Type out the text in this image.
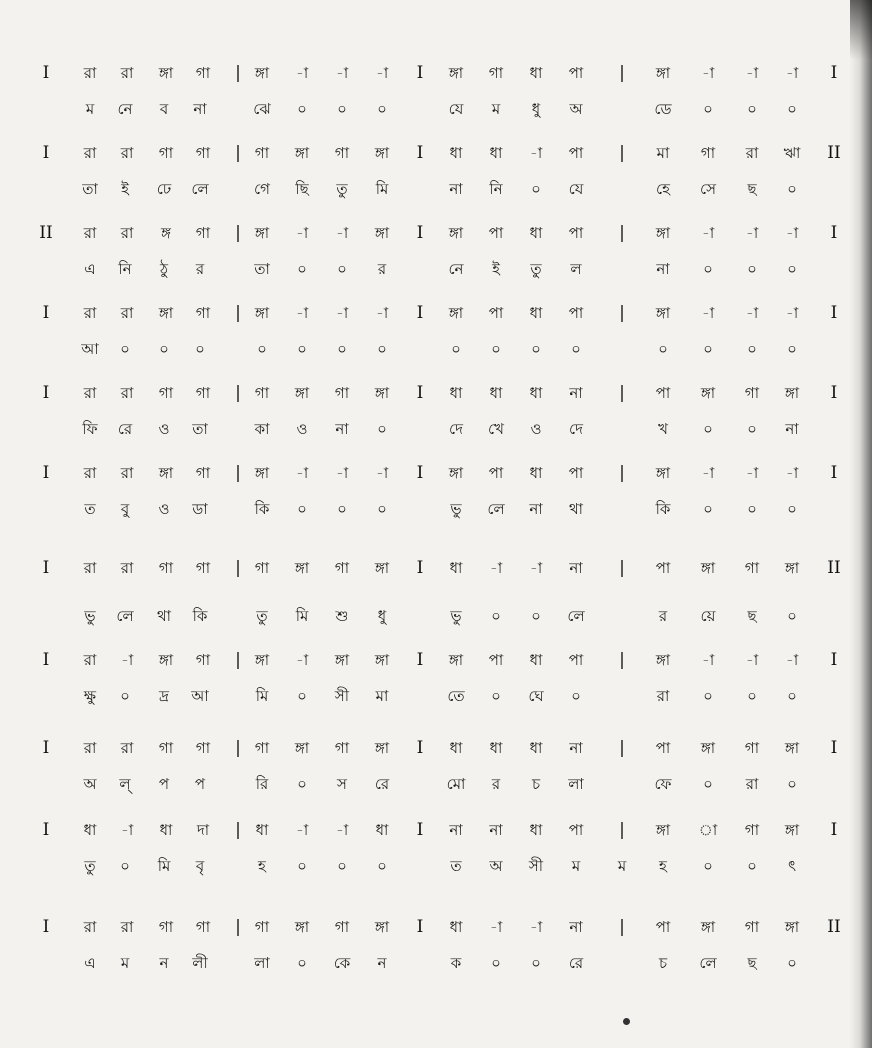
I রা রা ঙ্গা গা | ঙ্গা -া -া -া I ঙ্গা গা ধা পা | ঙ্গা -া -া -া I
ম নে ব না	ঝে ০ ০ ০	যে ম ধু অ	ডে ০ ০ ০
I রা রা গা গা | গা ঙ্গা গা ঙ্গা I ধা ধা -া পা | মা গা রা ঋা II
তা ই ঢে লে	গে ছি তু মি	না নি ০ যে	হে সে ছ ০
II রা রা ঙ্গ গা | ঙ্গা -া -া ঙ্গা I ঙ্গা পা ধা পা | ঙ্গা -া -া -া I
এ নি ঠু র	তা ০ ০ র	নে ই তু ল	না ০ ০ ০
I রা রা ঙ্গা গা | ঙ্গা -া -া -া I ঙ্গা পা ধা পা | ঙ্গা -া -া -া I
আ ০ ০ ০	০ ০ ০ ০	০ ০ ০ ০	০ ০ ০ ০
I রা রা গা গা | গা ঙ্গা গা ঙ্গা I ধা ধা ধা না | পা ঙ্গা গা ঙ্গা I
ফি রে ও তা	কা ও না ০	দে খে ও দে	খ ০ ০ না
I রা রা ঙ্গা গা | ঙ্গা -া -া -া I ঙ্গা পা ধা পা | ঙ্গা -া -া -া I
ত বু ও ডা	কি ০ ০ ০	ভু লে না থা	কি ০ ০ ০
I রা রা গা গা | গা ঙ্গা গা ঙ্গা I ধা -া -া না | পা ঙ্গা গা ঙ্গা II
ভু লে থা কি	তু মি শু ধু	ভু ০ ০ লে	র য়ে ছ ০
I রা -া ঙ্গা গা | ঙ্গা -া ঙ্গা ঙ্গা I ঙ্গা পা ধা পা | ঙ্গা -া -া -া I
ক্ষু ০ দ্র আ	মি ০ সী মা	তে ০ ঘে ০	রা ০ ০ ০
I রা রা গা গা | গা ঙ্গা গা ঙ্গা I ধা ধা ধা না | পা ঙ্গা গা ঙ্গা I
অ ল্ প প	রি ০ স রে	মো র চ লা	ফে ০ রা ০
I ধা -া ধা দা | ধা -া -া ধা I না না ধা পা | ঙ্গা া গা ঙ্গা I
তু ০ মি বৃ	হ ০ ০ ০	ত অ সী ম	ম হ ০ ০ ৎ
I রা রা গা গা | গা ঙ্গা গা ঙ্গা I ধা -া -া না | পা ঙ্গা গা ঙ্গা II
এ ম ন লী	লা ০ কে ন	ক ০ ০ রে	চ লে ছ ০
